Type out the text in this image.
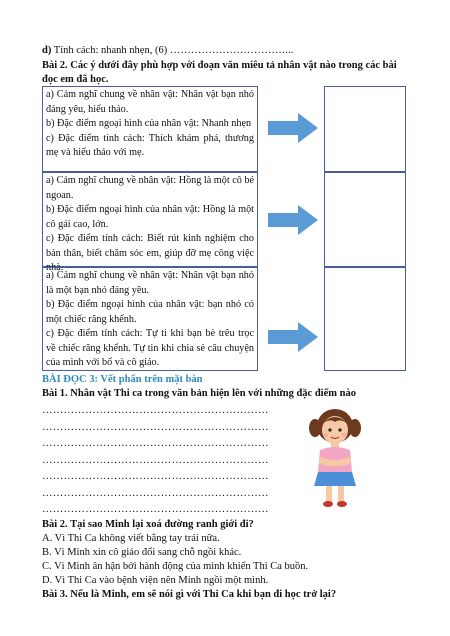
d) Tính cách: nhanh nhẹn, (6) ……………………………...
Bài 2. Các ý dưới đây phù hợp với đoạn văn miêu tả nhân vật nào trong các bài
đọc em đã học.

a) Cảm nghĩ chung về nhân vật: Nhân vật bạn nhỏ đáng yêu, hiếu thảo.

b) Đặc điểm ngoại hình của nhân vật: Nhanh nhẹn

c) Đặc điểm tính cách: Thích khám phá, thương mẹ và hiếu thảo với mẹ.

a) Cảm nghĩ chung về nhân vật: Hồng là một cô bé ngoan.

b) Đặc điểm ngoại hình của nhân vật: Hồng là một cô gái cao, lớn.

c) Đặc điểm tính cách: Biết rút kinh nghiệm cho bản thân, biết chăm sóc em, giúp đỡ mẹ công việc nhà.

a) Cảm nghĩ chung về nhân vật: Nhân vật bạn nhỏ là một bạn nhỏ đáng yêu.

b) Đặc điểm ngoại hình của nhân vật: bạn nhỏ có một chiếc răng khểnh.

c) Đặc điểm tính cách: Tự ti khi bạn bè trêu trọc về chiếc răng khểnh. Tự tin khi chia sẻ câu chuyện của mình với bố và cô giáo.

BÀI ĐỌC 3: Vết phấn trên mặt bàn
Bài 1. Nhân vật Thi ca trong văn bản hiện lên với những đặc điểm nào
………………………………………………………
………………………………………………………
………………………………………………………
………………………………………………………
………………………………………………………
………………………………………………………
………………………………………………………
Bài 2. Tại sao Minh lại xoá đường ranh giới đi?
A. Vì Thi Ca không viết bằng tay trái nữa.
B. Vì Minh xin cô giáo đổi sang chỗ ngồi khác.
C. Vì Minh ân hận bởi hành động của mình khiến Thi Ca buồn.
D. Vì Thi Ca vào bệnh viện nên Minh ngồi một mình.
Bài 3. Nếu là Minh, em sẽ nói gì với Thi Ca khi bạn đi học trở lại?
